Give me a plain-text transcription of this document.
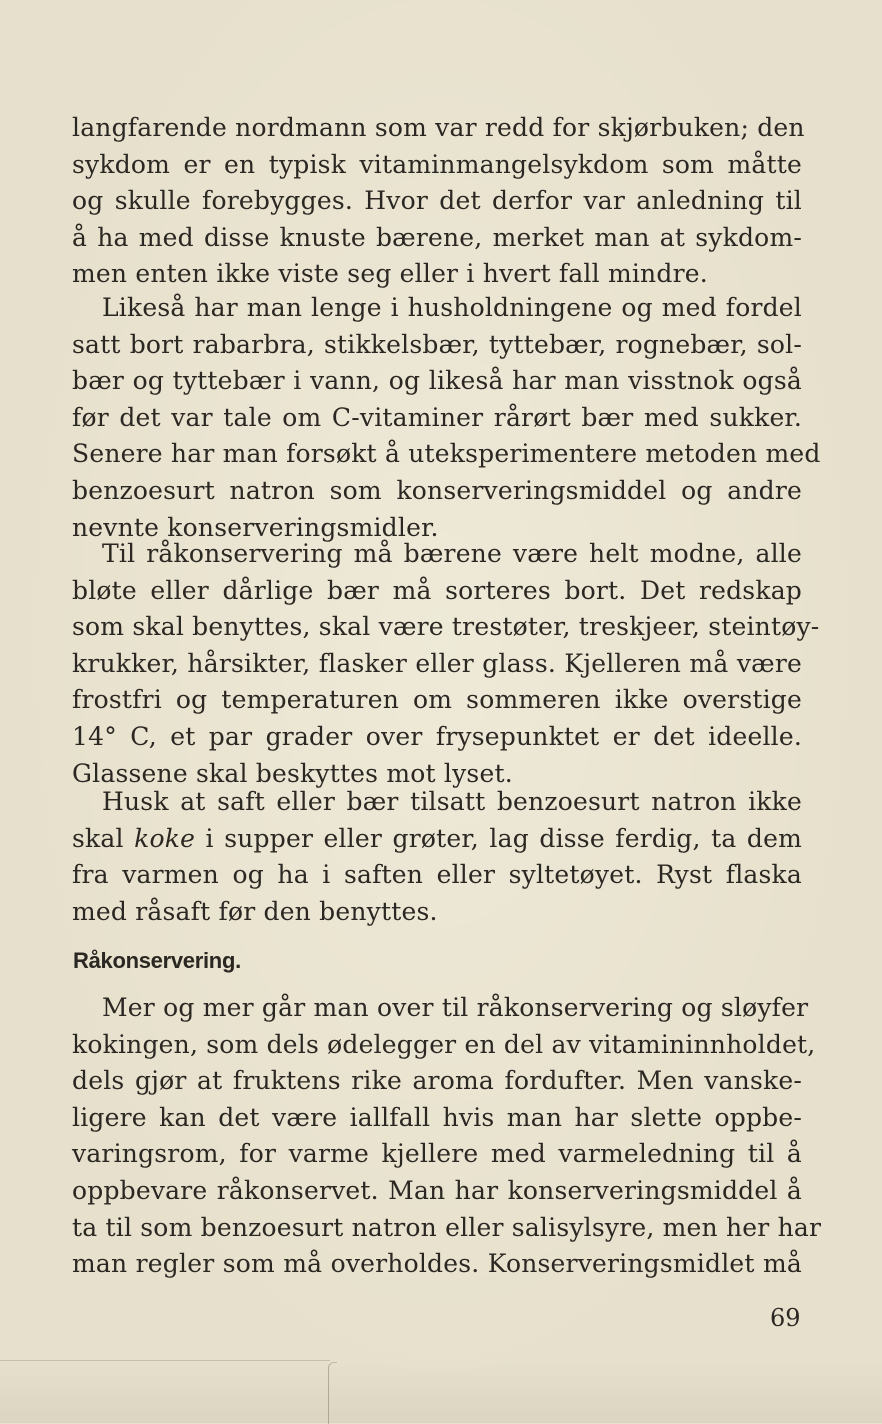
langfarende nordmann som var redd for skjørbuken; den
sykdom er en typisk vitaminmangelsykdom som måtte
og skulle forebygges. Hvor det derfor var anledning til
å ha med disse knuste bærene, merket man at sykdom-
men enten ikke viste seg eller i hvert fall mindre.
Likeså har man lenge i husholdningene og med fordel
satt bort rabarbra, stikkelsbær, tyttebær, rognebær, sol-
bær og tyttebær i vann, og likeså har man visstnok også
før det var tale om C-vitaminer rårørt bær med sukker.
Senere har man forsøkt å uteksperimentere metoden med
benzoesurt natron som konserveringsmiddel og andre
nevnte konserveringsmidler.
Til råkonservering må bærene være helt modne, alle
bløte eller dårlige bær må sorteres bort. Det redskap
som skal benyttes, skal være trestøter, treskjeer, steintøy-
krukker, hårsikter, flasker eller glass. Kjelleren må være
frostfri og temperaturen om sommeren ikke overstige
14° C, et par grader over frysepunktet er det ideelle.
Glassene skal beskyttes mot lyset.
Husk at saft eller bær tilsatt benzoesurt natron ikke
skal koke i supper eller grøter, lag disse ferdig, ta dem
fra varmen og ha i saften eller syltetøyet. Ryst flaska
med råsaft før den benyttes.
Råkonservering.
Mer og mer går man over til råkonservering og sløyfer
kokingen, som dels ødelegger en del av vitamininnholdet,
dels gjør at fruktens rike aroma fordufter. Men vanske-
ligere kan det være iallfall hvis man har slette oppbe-
varingsrom, for varme kjellere med varmeledning til å
oppbevare råkonservet. Man har konserveringsmiddel å
ta til som benzoesurt natron eller salisylsyre, men her har
man regler som må overholdes. Konserveringsmidlet må
69
